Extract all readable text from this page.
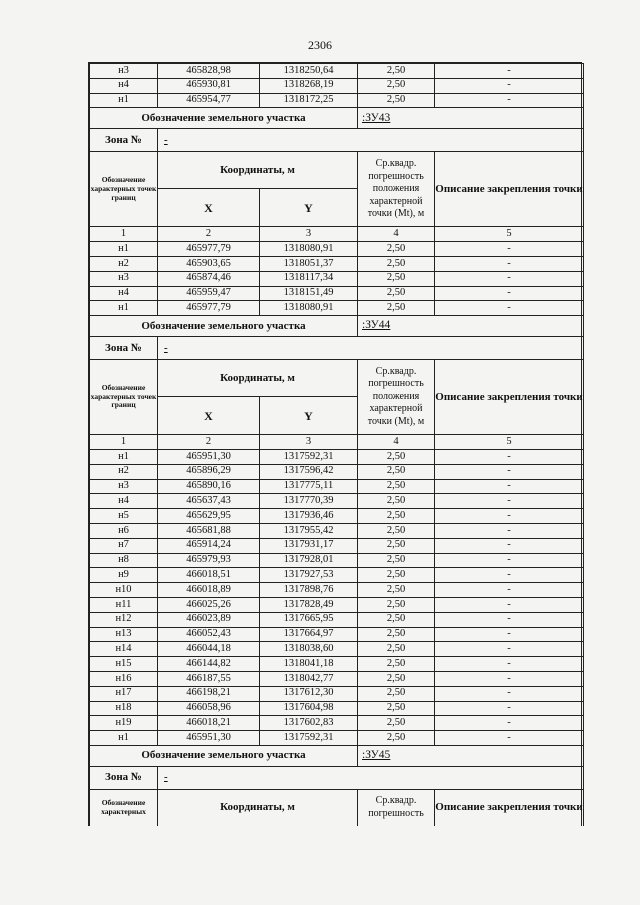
2306
н3	465828,98	1318250,64	2,50	-
н4	465930,81	1318268,19	2,50	-
н1	465954,77	1318172,25	2,50	-
Обозначение земельного участка			:ЗУ43	
Зона №	-			
Обозначение характерных точек границ	Координаты, м		Ср.квадр. погрешность положения характерной точки (Mt), м	Описание закрепления точки
	X	Y		
1	2	3	4	5
н1	465977,79	1318080,91	2,50	-
н2	465903,65	1318051,37	2,50	-
н3	465874,46	1318117,34	2,50	-
н4	465959,47	1318151,49	2,50	-
н1	465977,79	1318080,91	2,50	-
Обозначение земельного участка			:ЗУ44	
Зона №	-			
Обозначение характерных точек границ	Координаты, м		Ср.квадр. погрешность положения характерной точки (Mt), м	Описание закрепления точки
	X	Y		
1	2	3	4	5
н1	465951,30	1317592,31	2,50	-
н2	465896,29	1317596,42	2,50	-
н3	465890,16	1317775,11	2,50	-
н4	465637,43	1317770,39	2,50	-
н5	465629,95	1317936,46	2,50	-
н6	465681,88	1317955,42	2,50	-
н7	465914,24	1317931,17	2,50	-
н8	465979,93	1317928,01	2,50	-
н9	466018,51	1317927,53	2,50	-
н10	466018,89	1317898,76	2,50	-
н11	466025,26	1317828,49	2,50	-
н12	466023,89	1317665,95	2,50	-
н13	466052,43	1317664,97	2,50	-
н14	466044,18	1318038,60	2,50	-
н15	466144,82	1318041,18	2,50	-
н16	466187,55	1318042,77	2,50	-
н17	466198,21	1317612,30	2,50	-
н18	466058,96	1317604,98	2,50	-
н19	466018,21	1317602,83	2,50	-
н1	465951,30	1317592,31	2,50	-
Обозначение земельного участка			:ЗУ45	
Зона №	-			
Обозначение характерных	Координаты, м		Ср.квадр. погрешность	Описание закрепления точки
